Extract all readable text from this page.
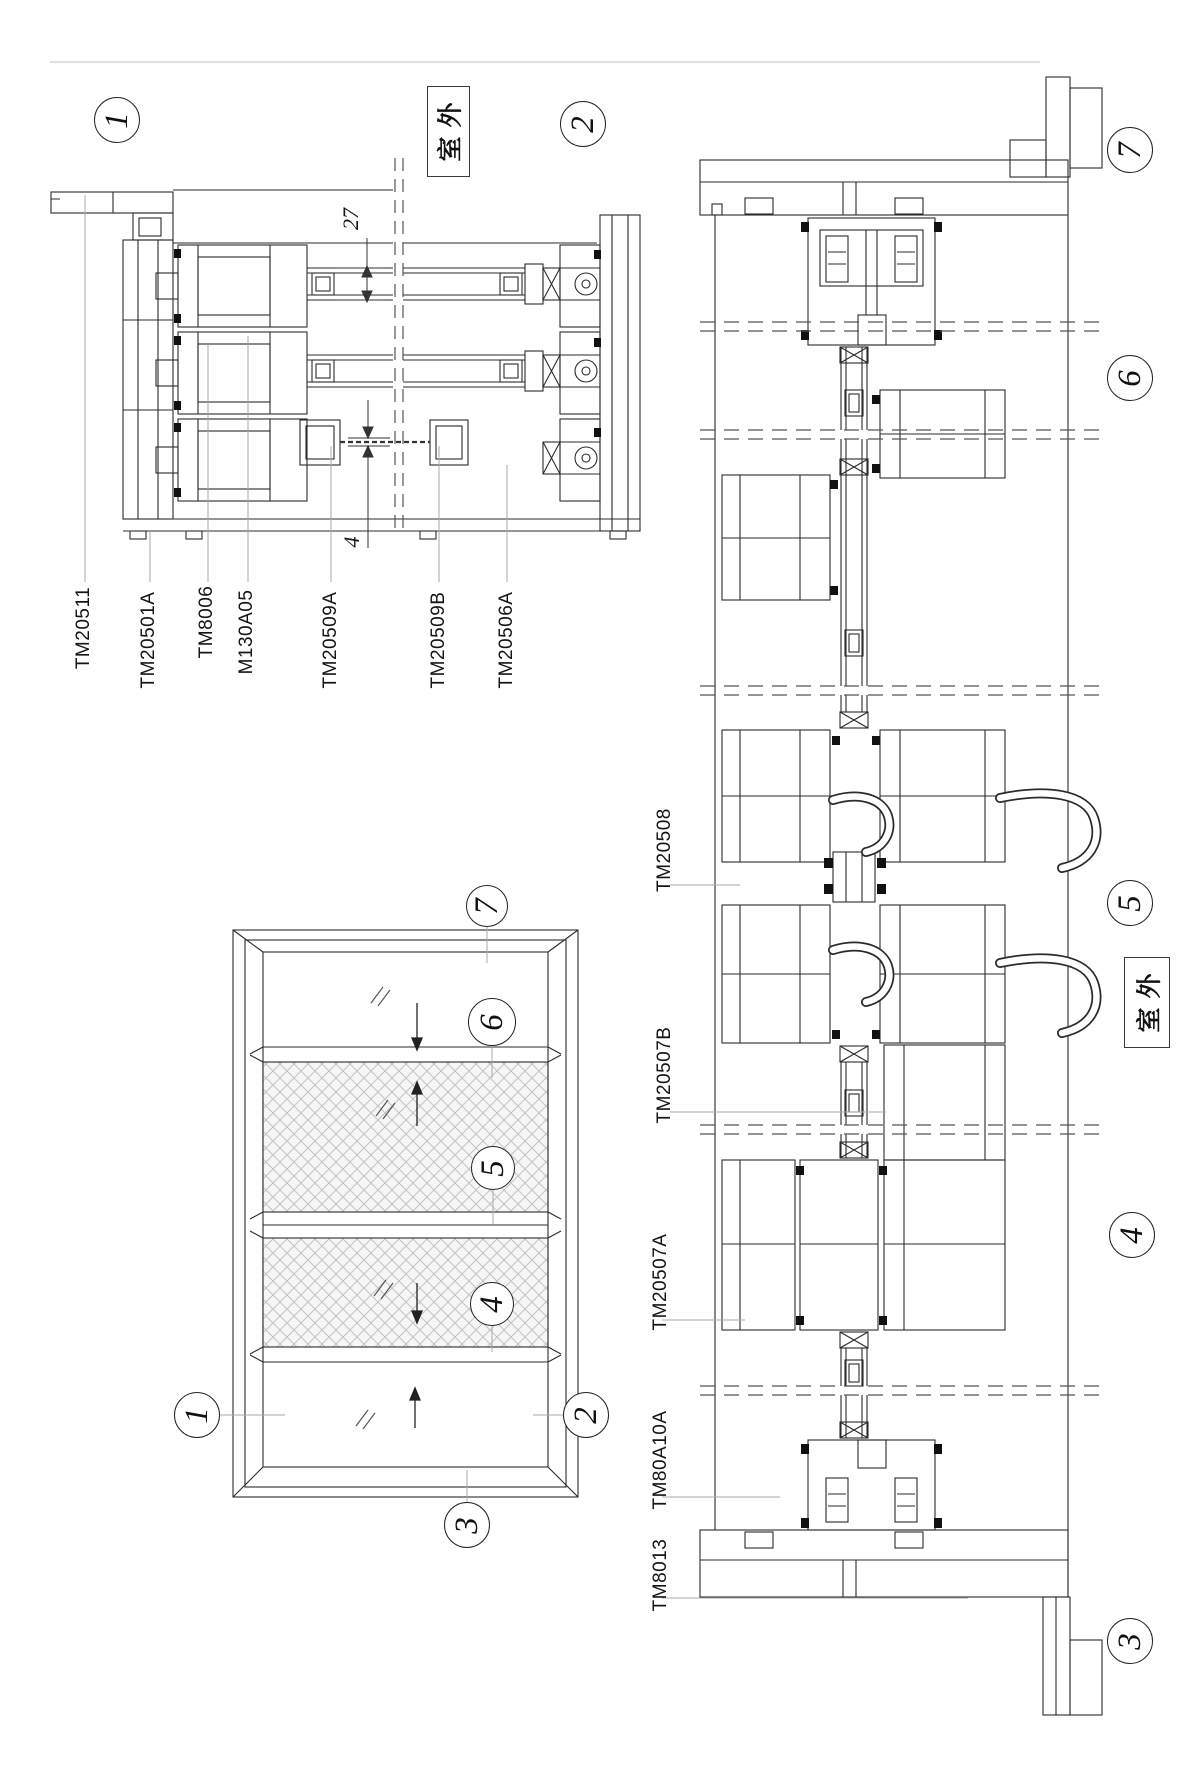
1	2
室外
27
4
TM20511 TM20501A TM8006 M130A05	TM20509A	TM20509B TM20506A
7
6
5
4
1	2
3
7
6
5
4
3
室外
TM20508
TM20507B
TM20507A
TM80A10A
TM8013
